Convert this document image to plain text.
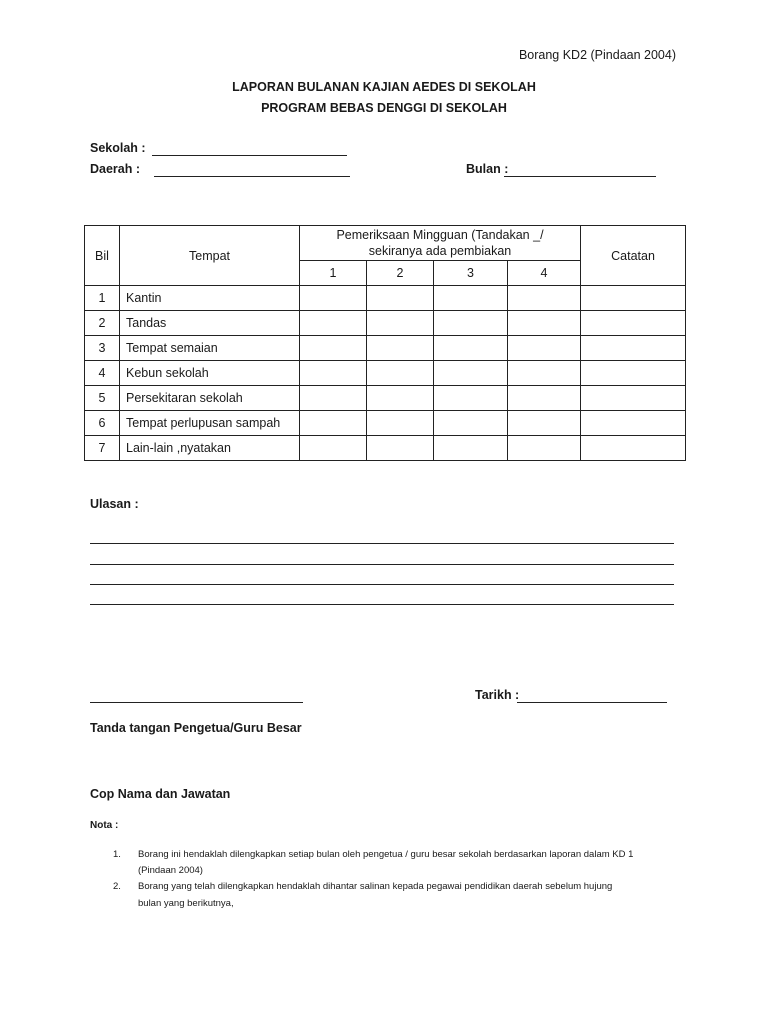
Borang KD2 (Pindaan 2004)
LAPORAN BULANAN KAJIAN AEDES DI SEKOLAH
PROGRAM BEBAS DENGGI DI SEKOLAH
Sekolah :
Daerah :	Bulan :
Bil	Tempat	Pemeriksaan Mingguan (Tandakan _/
sekiranya ada pembiakan				Catatan
		1	2	3	4	
1	Kantin					
2	Tandas					
3	Tempat semaian					
4	Kebun sekolah					
5	Persekitaran sekolah					
6	Tempat perlupusan sampah					
7	Lain-lain ,nyatakan					
Ulasan :
Tarikh :
Tanda tangan Pengetua/Guru Besar
Cop Nama dan Jawatan
Nota :
1. Borang ini hendaklah dilengkapkan setiap bulan oleh pengetua / guru besar sekolah berdasarkan laporan dalam KD 1
(Pindaan 2004)
2. Borang yang telah dilengkapkan hendaklah dihantar salinan kepada pegawai pendidikan daerah sebelum hujung
bulan yang berikutnya,
